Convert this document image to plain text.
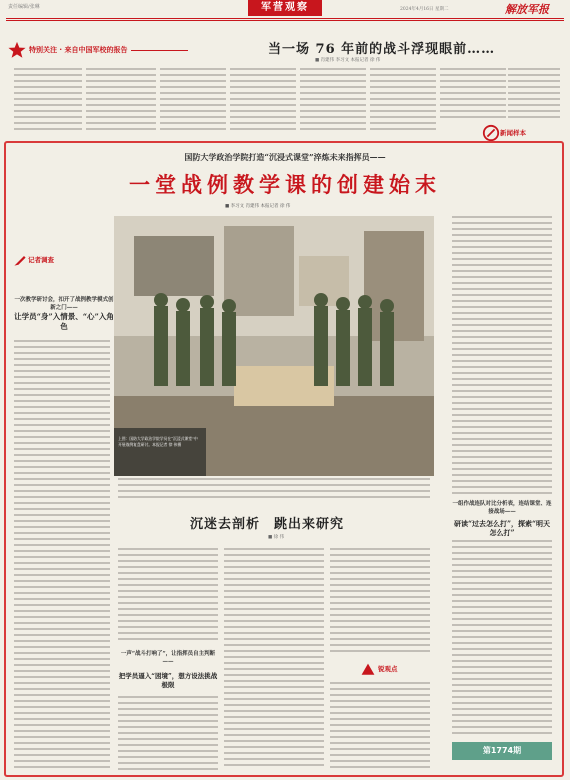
责任编辑/张琳	军营观察	2024年4月16日 星期二	解放军报
特别关注 · 来自中国军校的报告	当一场 76 年前的战斗浮现眼前……
■ 肖建伟 李习文 本报记者 徐 伟
新闻样本
国防大学政治学院打造“沉浸式课堂”淬炼未来指挥员——
一堂战例教学课的创建始末
■ 李习文 肖建伟 本报记者 徐 伟
记者调查
一次教学研讨会，扣开了战例教学模式创新之门——
让学员“身”入情景、“心”入角色
上图：国防大学政治学院学员在“沉浸式课堂”中开展战例复盘研讨。本报记者 徐 伟摄
沉迷去剖析　跳出来研究
■ 徐 伟
一声“战斗打响了”，让指挥员自主判断——
把学员逼入“困境”，想方设法挑战极限
锐观点
一组作战连队对比分析表，连结课堂、连接战场——
研读“过去怎么打”，探索“明天怎么打”
第1774期
